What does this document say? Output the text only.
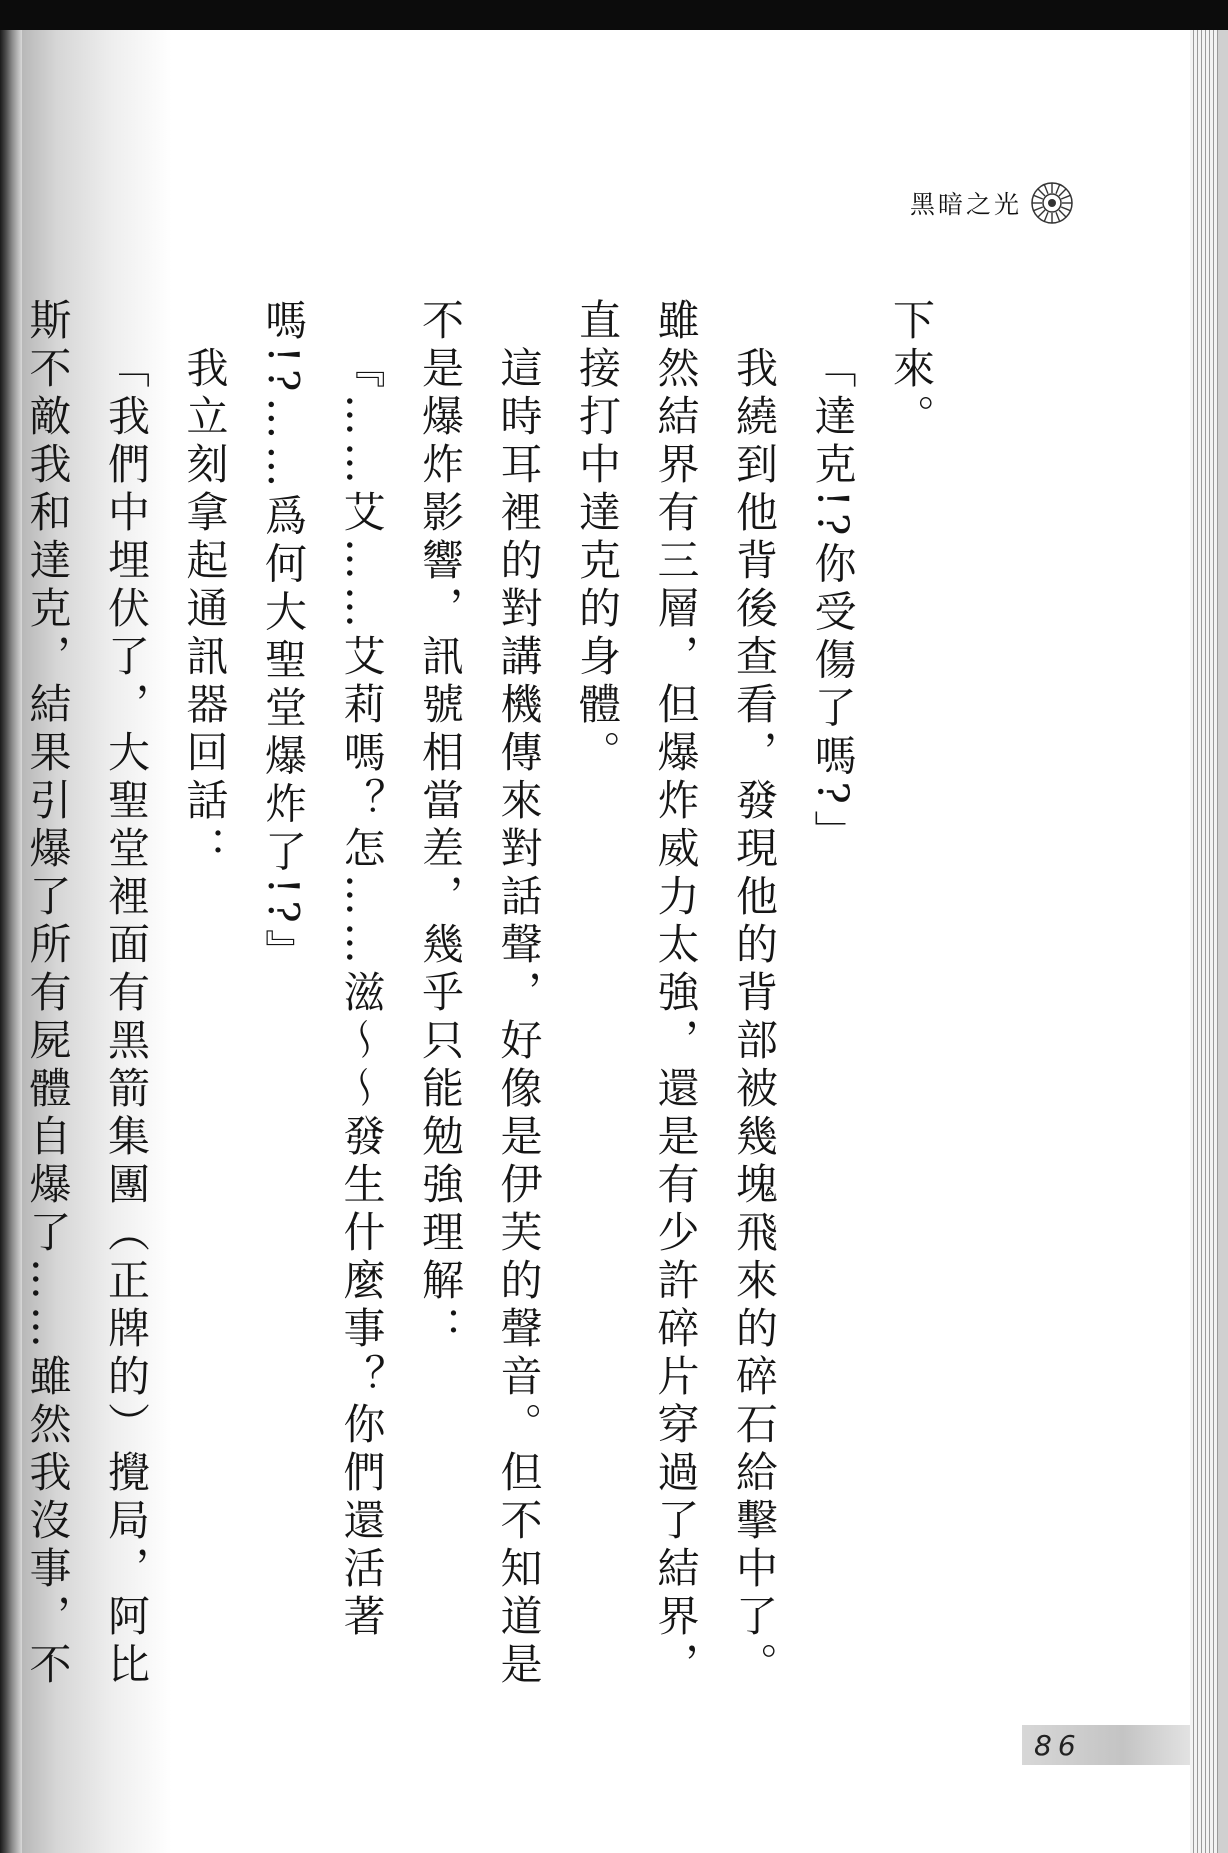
黑暗之光

下來。

「達克!?你受傷了嗎?」

我繞到他背後查看，發現他的背部被幾塊飛來的碎石給擊中了。雖然結界有三層，但爆炸威力太強，還是有少許碎片穿過了結界，直接打中達克的身體。

這時耳裡的對講機傳來對話聲，好像是伊芙的聲音。但不知道是不是爆炸影響，訊號相當差，幾乎只能勉強理解：

『……艾……艾莉嗎？怎……滋～～發生什麼事？你們還活著嗎!?……爲何大聖堂爆炸了!?』

我立刻拿起通訊器回話：

「我們中埋伏了，大聖堂裡面有黑箭集團（正牌的）攪局，阿比斯不敵我和達克，結果引爆了所有屍體自爆了……雖然我沒事，不

86
